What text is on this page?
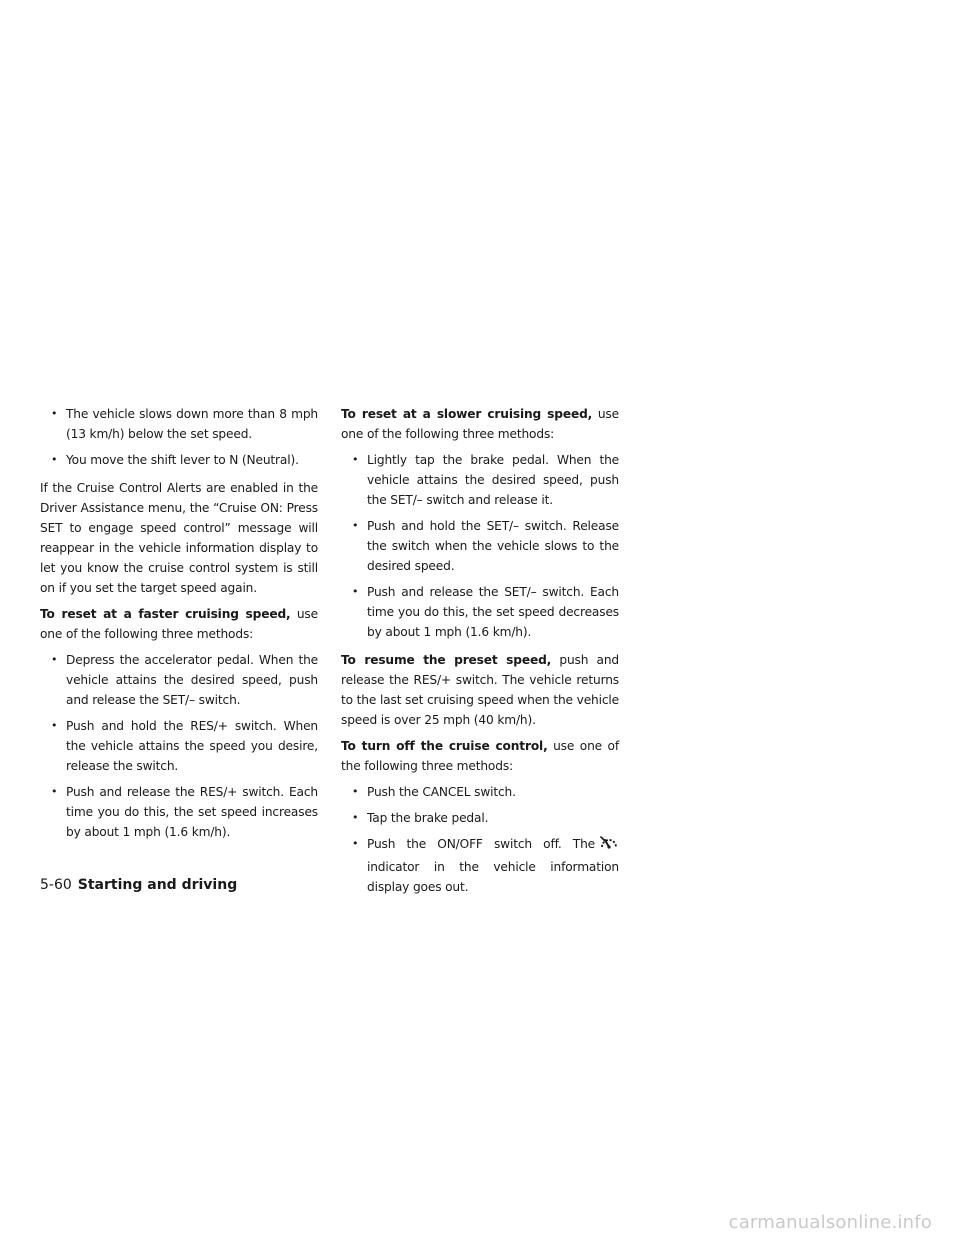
• The vehicle slows down more than 8 mph (13 km/h) below the set speed.
• You move the shift lever to N (Neutral).

If the Cruise Control Alerts are enabled in the Driver Assistance menu, the “Cruise ON: Press SET to engage speed control” message will reappear in the vehicle information display to let you know the cruise control system is still on if you set the target speed again.

To reset at a faster cruising speed, use one of the following three methods:

• Depress the accelerator pedal. When the vehicle attains the desired speed, push and release the SET/– switch.
• Push and hold the RES/+ switch. When the vehicle attains the speed you desire, release the switch.
• Push and release the RES/+ switch. Each time you do this, the set speed increases by about 1 mph (1.6 km/h).

To reset at a slower cruising speed, use one of the following three methods:

• Lightly tap the brake pedal. When the vehicle attains the desired speed, push the SET/– switch and release it.
• Push and hold the SET/– switch. Release the switch when the vehicle slows to the desired speed.
• Push and release the SET/– switch. Each time you do this, the set speed decreases by about 1 mph (1.6 km/h).

To resume the preset speed, push and release the RES/+ switch. The vehicle returns to the last set cruising speed when the vehicle speed is over 25 mph (40 km/h).

To turn off the cruise control, use one of the following three methods:

• Push the CANCEL switch.
• Tap the brake pedal.
• Push the ON/OFF switch off. The indicator in the vehicle information display goes out.
5-60 Starting and driving
carmanualsonline.info
